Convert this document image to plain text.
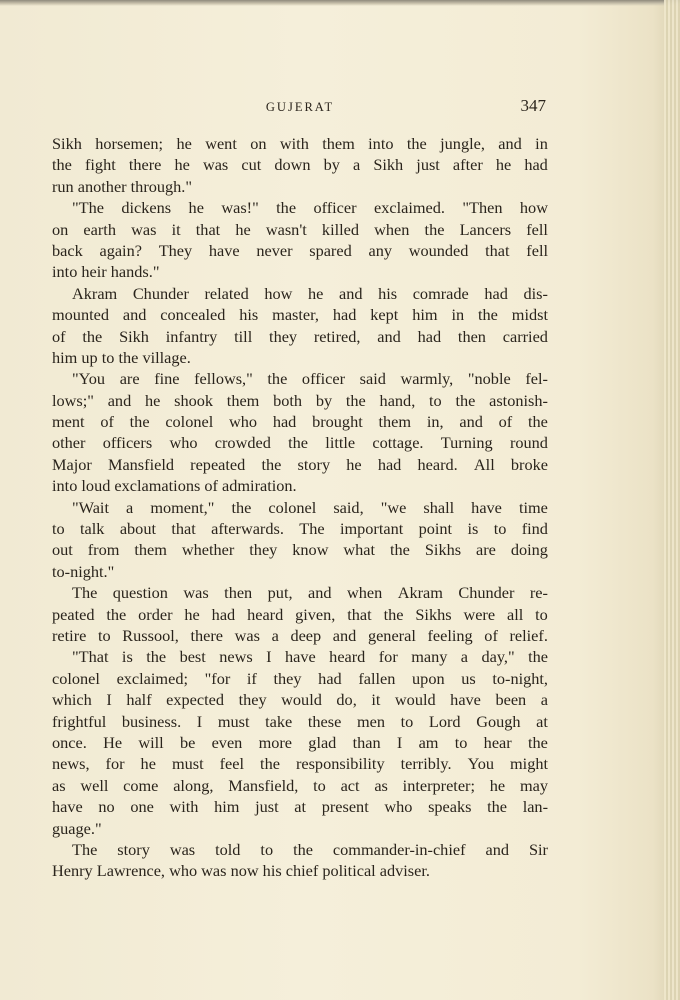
GUJERAT	347
Sikh horsemen; he went on with them into the jungle, and in
the fight there he was cut down by a Sikh just after he had
run another through."
"The dickens he was!" the officer exclaimed. "Then how
on earth was it that he wasn't killed when the Lancers fell
back again? They have never spared any wounded that fell
into heir hands."
Akram Chunder related how he and his comrade had dis-
mounted and concealed his master, had kept him in the midst
of the Sikh infantry till they retired, and had then carried
him up to the village.
"You are fine fellows," the officer said warmly, "noble fel-
lows;" and he shook them both by the hand, to the astonish-
ment of the colonel who had brought them in, and of the
other officers who crowded the little cottage. Turning round
Major Mansfield repeated the story he had heard. All broke
into loud exclamations of admiration.
"Wait a moment," the colonel said, "we shall have time
to talk about that afterwards. The important point is to find
out from them whether they know what the Sikhs are doing
to-night."
The question was then put, and when Akram Chunder re-
peated the order he had heard given, that the Sikhs were all to
retire to Russool, there was a deep and general feeling of relief.
"That is the best news I have heard for many a day," the
colonel exclaimed; "for if they had fallen upon us to-night,
which I half expected they would do, it would have been a
frightful business. I must take these men to Lord Gough at
once. He will be even more glad than I am to hear the
news, for he must feel the responsibility terribly. You might
as well come along, Mansfield, to act as interpreter; he may
have no one with him just at present who speaks the lan-
guage."
The story was told to the commander-in-chief and Sir
Henry Lawrence, who was now his chief political adviser.
